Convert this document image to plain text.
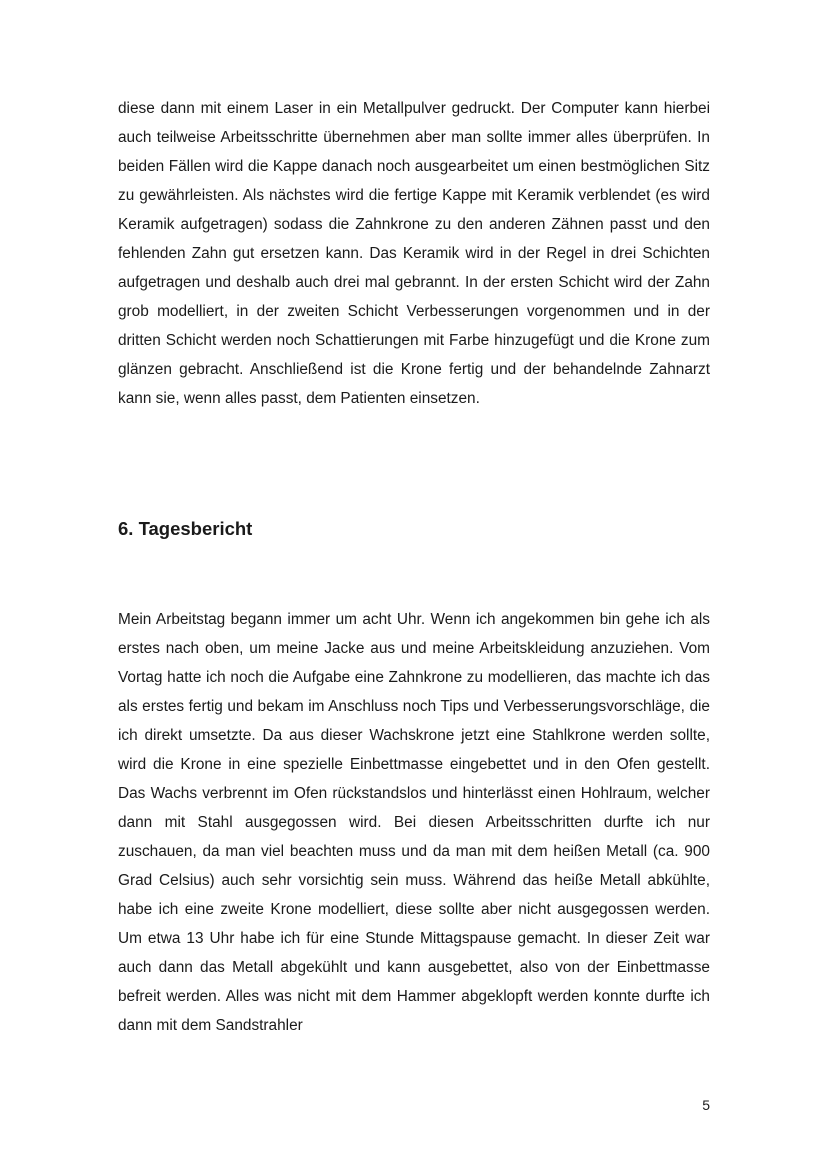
diese dann mit einem Laser in ein Metallpulver gedruckt. Der Computer kann hierbei auch teilweise Arbeitsschritte übernehmen aber man sollte immer alles überprüfen. In beiden Fällen wird die Kappe danach noch ausgearbeitet um einen bestmöglichen Sitz zu gewährleisten. Als nächstes wird die fertige Kappe mit Keramik verblendet (es wird Keramik aufgetragen) sodass die Zahnkrone zu den anderen Zähnen passt und den fehlenden Zahn gut ersetzen kann. Das Keramik wird in der Regel in drei Schichten aufgetragen und deshalb auch drei mal gebrannt. In der ersten Schicht wird der Zahn grob modelliert, in der zweiten Schicht Verbesserungen vorgenommen und in der dritten Schicht werden noch Schattierungen mit Farbe hinzugefügt und die Krone zum glänzen gebracht. Anschließend ist die Krone fertig und der behandelnde Zahnarzt kann sie, wenn alles passt, dem Patienten einsetzen.

6. Tagesbericht

Mein Arbeitstag begann immer um acht Uhr. Wenn ich angekommen bin gehe ich als erstes nach oben, um meine Jacke aus und meine Arbeitskleidung anzuziehen. Vom Vortag hatte ich noch die Aufgabe eine Zahnkrone zu modellieren, das machte ich das als erstes fertig und bekam im Anschluss noch Tips und Verbesserungsvorschläge, die ich direkt umsetzte. Da aus dieser Wachskrone jetzt eine Stahlkrone werden sollte, wird die Krone in eine spezielle Einbettmasse eingebettet und in den Ofen gestellt. Das Wachs verbrennt im Ofen rückstandslos und hinterlässt einen Hohlraum, welcher dann mit Stahl ausgegossen wird. Bei diesen Arbeitsschritten durfte ich nur zuschauen, da man viel beachten muss und da man mit dem heißen Metall (ca. 900 Grad Celsius) auch sehr vorsichtig sein muss. Während das heiße Metall abkühlte, habe ich eine zweite Krone modelliert, diese sollte aber nicht ausgegossen werden. Um etwa 13 Uhr habe ich für eine Stunde Mittagspause gemacht. In dieser Zeit war auch dann das Metall abgekühlt und kann ausgebettet, also von der Einbettmasse befreit werden. Alles was nicht mit dem Hammer abgeklopft werden konnte durfte ich dann mit dem Sandstrahler

5
